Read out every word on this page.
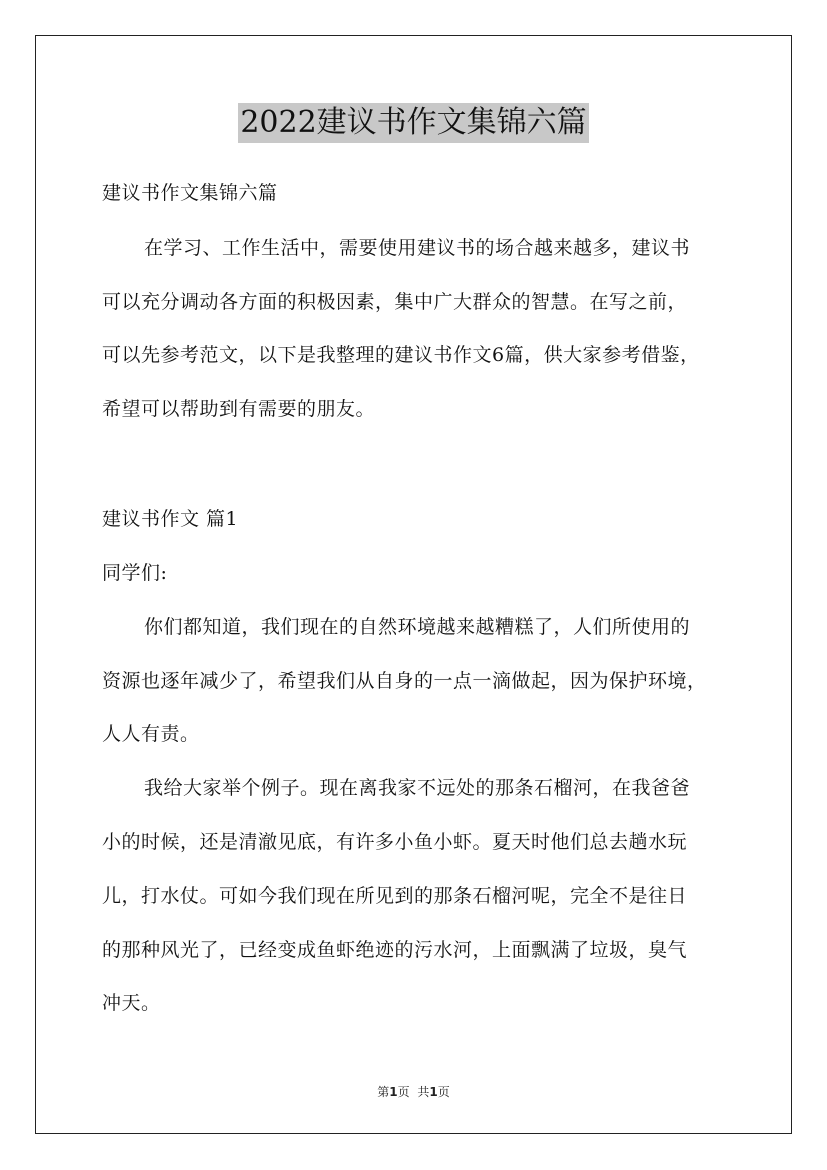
2022建议书作文集锦六篇
建议书作文集锦六篇
在学习、工作生活中，需要使用建议书的场合越来越多，建议书
可以充分调动各方面的积极因素，集中广大群众的智慧。在写之前，
可以先参考范文，以下是我整理的建议书作文6篇，供大家参考借鉴，
希望可以帮助到有需要的朋友。
建议书作文 篇1
同学们:
你们都知道，我们现在的自然环境越来越糟糕了，人们所使用的
资源也逐年减少了，希望我们从自身的一点一滴做起，因为保护环境，
人人有责。
我给大家举个例子。现在离我家不远处的那条石榴河，在我爸爸
小的时候，还是清澈见底，有许多小鱼小虾。夏天时他们总去趟水玩
儿，打水仗。可如今我们现在所见到的那条石榴河呢，完全不是往日
的那种风光了，已经变成鱼虾绝迹的污水河，上面飘满了垃圾，臭气
冲天。
第1页 共1页
